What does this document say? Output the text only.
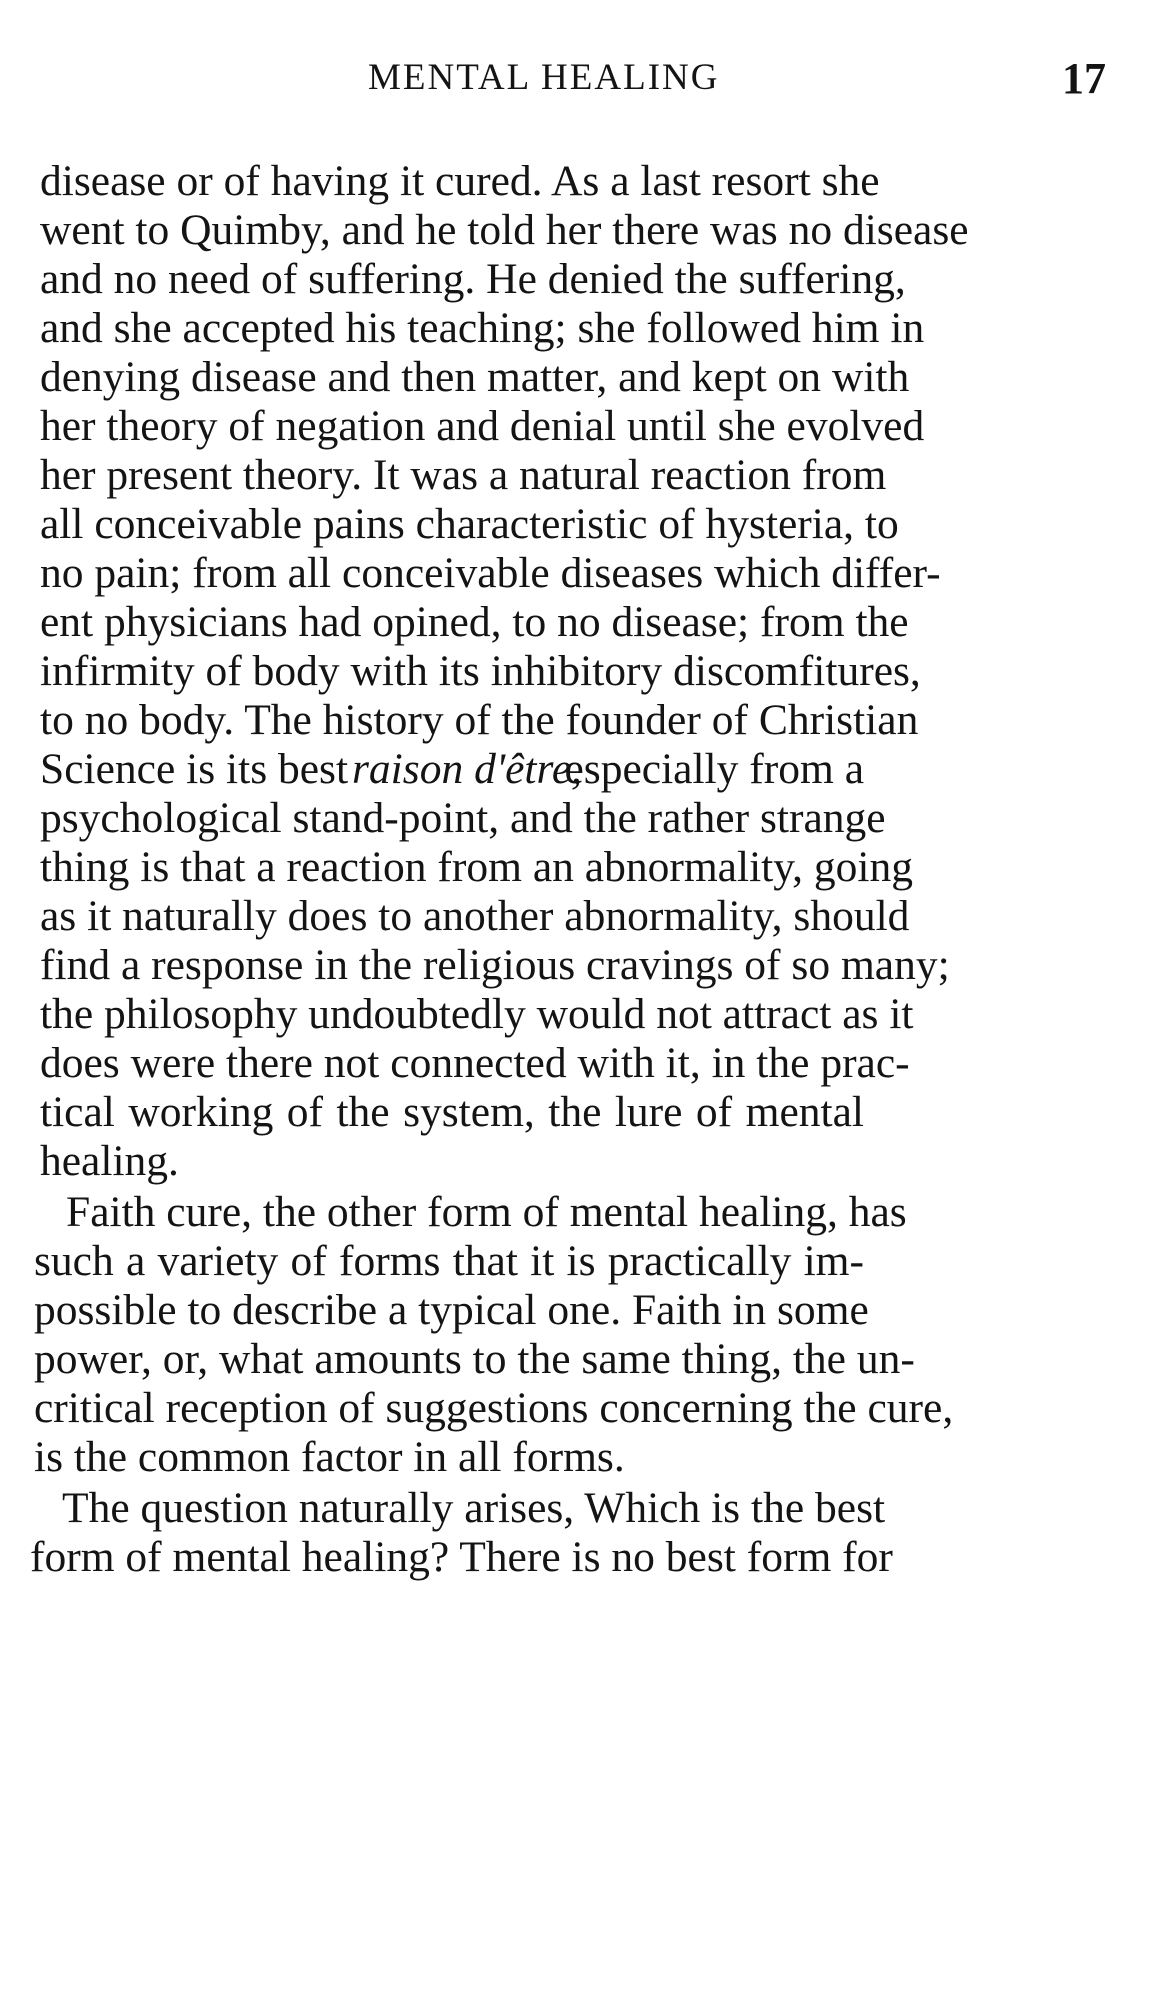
MENTAL HEALING	17
disease or of having it cured. As a last resort she
went to Quimby, and he told her there was no disease
and no need of suffering. He denied the suffering,
and she accepted his teaching; she followed him in
denying disease and then matter, and kept on with
her theory of negation and denial until she evolved
her present theory. It was a natural reaction from
all conceivable pains characteristic of hysteria, to
no pain; from all conceivable diseases which differ-
ent physicians had opined, to no disease; from the
infirmity of body with its inhibitory discomfitures,
to no body. The history of the founder of Christian
Science is its best raison d'être,
especially from a
psychological stand-point, and the rather strange
thing is that a reaction from an abnormality, going
as it naturally does to another abnormality, should
find a response in the religious cravings of so many;
the philosophy undoubtedly would not attract as it
does were there not connected with it, in the prac-
tical working of the system, the lure of mental
healing.
Faith cure, the other form of mental healing, has
such a variety of forms that it is practically im-
possible to describe a typical one. Faith in some
power, or, what amounts to the same thing, the un-
critical reception of suggestions concerning the cure,
is the common factor in all forms.
The question naturally arises, Which is the best
form of mental healing? There is no best form for
